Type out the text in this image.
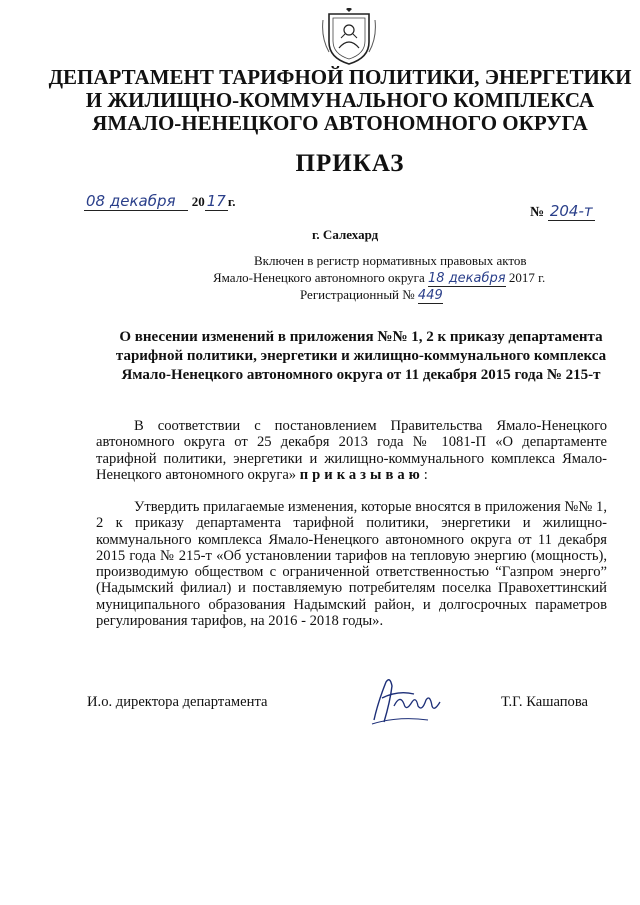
ДЕПАРТАМЕНТ ТАРИФНОЙ ПОЛИТИКИ, ЭНЕРГЕТИКИ
И ЖИЛИЩНО-КОММУНАЛЬНОГО КОМПЛЕКСА
ЯМАЛО-НЕНЕЦКОГО АВТОНОМНОГО ОКРУГА
ПРИКАЗ
08 декабря 20 17 г.
№ 204-т
г. Салехард
Включен в регистр нормативных правовых актов
Ямало-Ненецкого автономного округа 18 декабря 2017 г.
Регистрационный № 449
О внесении изменений в приложения №№ 1, 2 к приказу департамента тарифной политики, энергетики и жилищно-коммунального комплекса Ямало-Ненецкого автономного округа от 11 декабря 2015 года № 215-т
В соответствии с постановлением Правительства Ямало-Ненецкого автономного округа от 25 декабря 2013 года № 1081-П «О департаменте тарифной политики, энергетики и жилищно-коммунального комплекса Ямало-Ненецкого автономного округа» приказываю:
Утвердить прилагаемые изменения, которые вносятся в приложения №№ 1, 2 к приказу департамента тарифной политики, энергетики и жилищно-коммунального комплекса Ямало-Ненецкого автономного округа от 11 декабря 2015 года № 215-т «Об установлении тарифов на тепловую энергию (мощность), производимую обществом с ограниченной ответственностью “Газпром энерго” (Надымский филиал) и поставляемую потребителям поселка Правохеттинский муниципального образования Надымский район, и долгосрочных параметров регулирования тарифов, на 2016 - 2018 годы».
И.о. директора департамента	Т.Г. Кашапова
